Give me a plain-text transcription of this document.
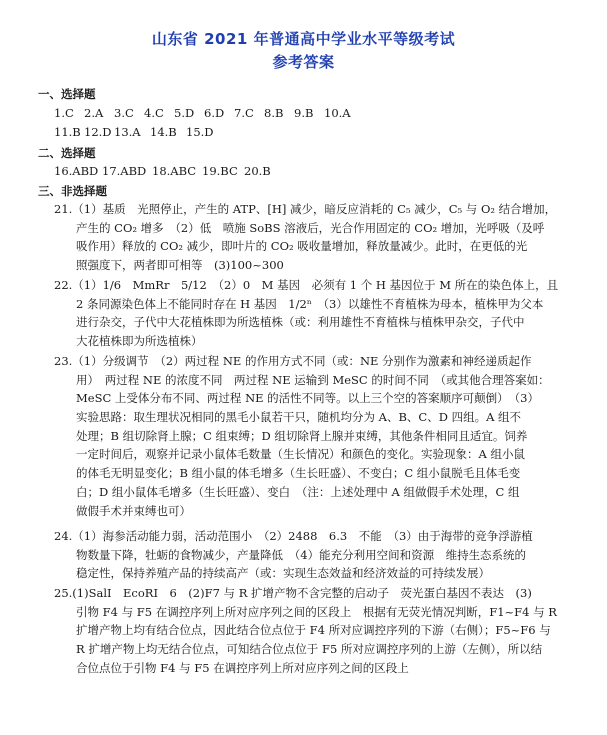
山东省 2021 年普通高中学业水平等级考试
参考答案
一、选择题
1.C 2.A 3.C 4.C 5.D 6.D 7.C 8.B 9.B 10.A
11.B 12.D 13.A 14.B 15.D
二、选择题
16.ABD 17.ABD 18.ABC 19.BC 20.B
三、非选择题
21.（1）基质　光照停止，产生的 ATP、[H] 减少，暗反应消耗的 C₅ 减少，C₅ 与 O₂ 结合增加，
产生的 CO₂ 增多　（2）低　喷施 SoBS 溶液后，光合作用固定的 CO₂ 增加，光呼吸（及呼
吸作用）释放的 CO₂ 减少，即叶片的 CO₂ 吸收量增加，释放量减少。此时，在更低的光
照强度下，两者即可相等　(3)100~300
22.（1）1/6　MmRr　5/12　（2）0　M 基因　必须有 1 个 H 基因位于 M 所在的染色体上，且
2 条同源染色体上不能同时存在 H 基因　1/2ⁿ　（3）以雄性不育植株为母本，植株甲为父本
进行杂交，子代中大花植株即为所选植株（或：利用雄性不育植株与植株甲杂交，子代中
大花植株即为所选植株）
23.（1）分级调节　（2）两过程 NE 的作用方式不同（或：NE 分别作为激素和神经递质起作
用）　两过程 NE 的浓度不同　两过程 NE 运输到 MeSC 的时间不同　（或其他合理答案如：
MeSC 上受体分布不同、两过程 NE 的活性不同等。以上三个空的答案顺序可颠倒）　（3）
实验思路：取生理状况相同的黑毛小鼠若干只，随机均分为 A、B、C、D 四组。A 组不
处理；B 组切除肾上腺；C 组束缚；D 组切除肾上腺并束缚，其他条件相同且适宜。饲养
一定时间后，观察并记录小鼠体毛数量（生长情况）和颜色的变化。实验现象：A 组小鼠
的体毛无明显变化；B 组小鼠的体毛增多（生长旺盛）、不变白；C 组小鼠脱毛且体毛变
白；D 组小鼠体毛增多（生长旺盛）、变白　（注：上述处理中 A 组做假手术处理，C 组
做假手术并束缚也可）
24.（1）海参活动能力弱，活动范围小　（2）2488　6.3　不能　（3）由于海带的竞争浮游植
物数量下降，牡蛎的食物减少，产量降低　（4）能充分利用空间和资源　维持生态系统的
稳定性，保持养殖产品的持续高产（或：实现生态效益和经济效益的可持续发展）
25.(1)SalⅠ　EcoRⅠ　6　(2)F7 与 R 扩增产物不含完整的启动子　荧光蛋白基因不表达　(3)
引物 F4 与 F5 在调控序列上所对应序列之间的区段上　根据有无荧光情况判断，F1~F4 与 R
扩增产物上均有结合位点，因此结合位点位于 F4 所对应调控序列的下游（右侧）；F5~F6 与
R 扩增产物上均无结合位点，可知结合位点位于 F5 所对应调控序列的上游（左侧），所以结
合位点位于引物 F4 与 F5 在调控序列上所对应序列之间的区段上
